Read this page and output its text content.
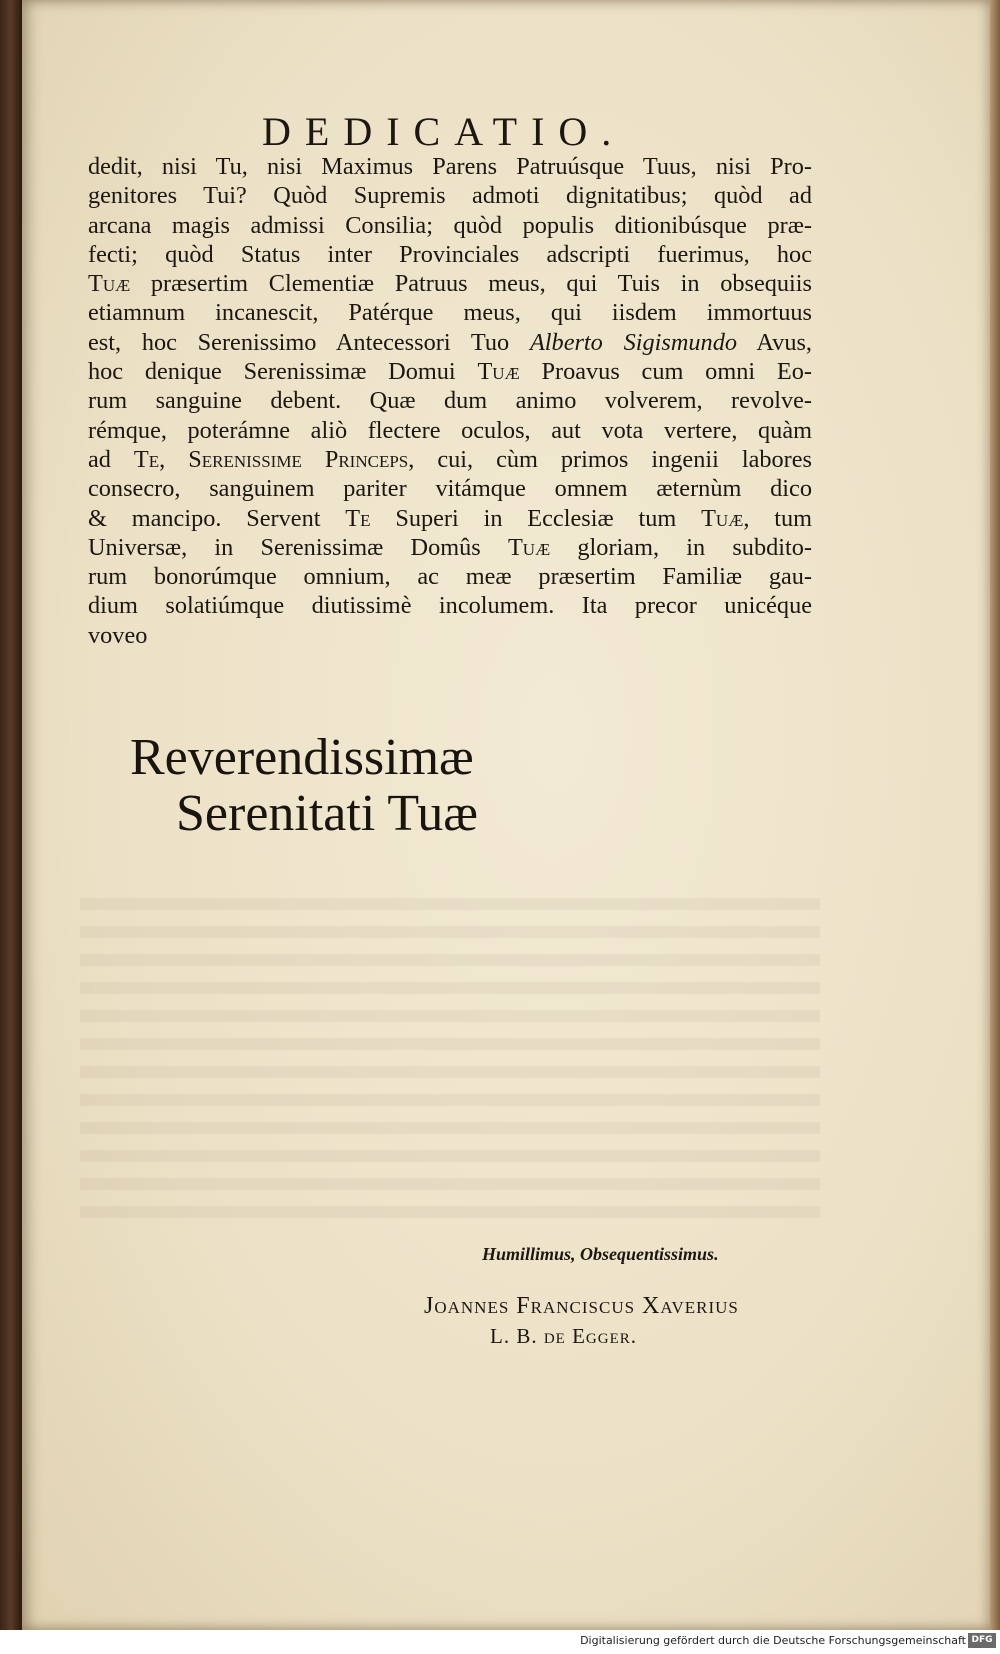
DEDICATIO.
dedit, nisi Tu, nisi Maximus Parens Patruúsque Tuus, nisi Pro-
genitores Tui? Quòd Supremis admoti dignitatibus; quòd ad
arcana magis admissi Consilia; quòd populis ditionibúsque præ-
fecti; quòd Status inter Provinciales adscripti fuerimus, hoc
Tuæ præsertim Clementiæ Patruus meus, qui Tuis in obsequiis
etiamnum incanescit, Patérque meus, qui iisdem immortuus
est, hoc Serenissimo Antecessori Tuo Alberto Sigismundo Avus,
hoc denique Serenissimæ Domui Tuæ Proavus cum omni Eo-
rum sanguine debent. Quæ dum animo volverem, revolve-
rémque, poterámne aliò flectere oculos, aut vota vertere, quàm
ad Te, Serenissime Princeps, cui, cùm primos ingenii labores
consecro, sanguinem pariter vitámque omnem æternùm dico
& mancipo. Servent Te Superi in Ecclesiæ tum Tuæ, tum
Universæ, in Serenissimæ Domûs Tuæ gloriam, in subdito-
rum bonorúmque omnium, ac meæ præsertim Familiæ gau-
dium solatiúmque diutissimè incolumem. Ita precor unicéque
voveo
Reverendissimæ
Serenitati Tuæ
Humillimus, Obsequentissimus.
Joannes Franciscus Xaverius
L. B. de Egger.
Digitalisierung gefördert durch die Deutsche Forschungsgemeinschaft DFG
